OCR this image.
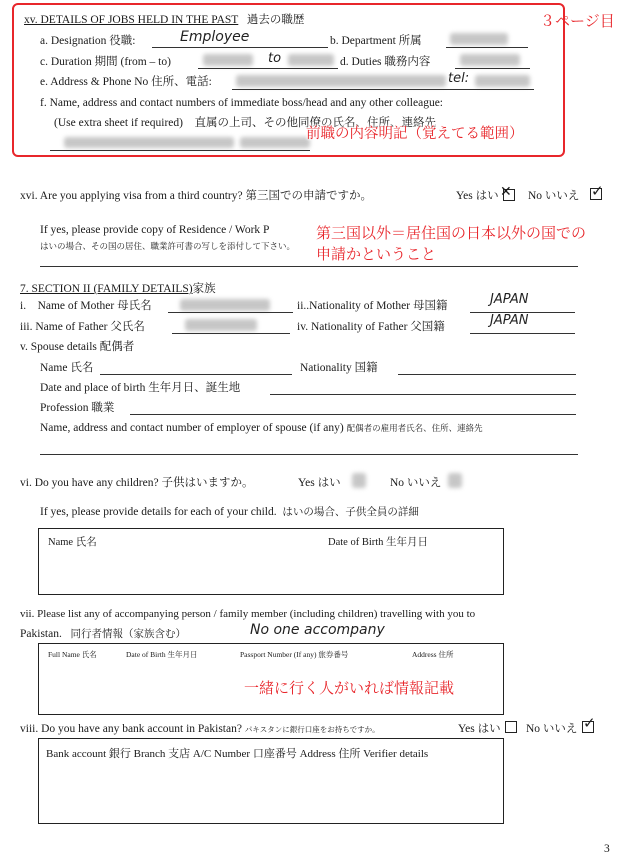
３ページ目
xv. DETAILS OF JOBS HELD IN THE PAST 過去の職歴
a. Designation 役職:	Employee	b. Department 所属
c. Duration 期間 (from – to)	to	d. Duties 職務内容
e. Address & Phone No 住所、電話:	tel:
f. Name, address and contact numbers of immediate boss/head and any other colleague:
(Use extra sheet if required)　直属の上司、その他同僚の氏名、住所、連絡先
前職の内容明記（覚えてる範囲）
xvi. Are you applying visa from a third country? 第三国での申請ですか。	Yes はい ✕ No いいえ ✓
If yes, please provide copy of Residence / Work P
はいの場合、その国の居住、職業許可書の写しを添付して下さい。
第三国以外＝居住国の日本以外の国での
申請かということ
7. SECTION II (FAMILY DETAILS)家族
i.　Name of Mother 母氏名	ii..Nationality of Mother 母国籍	JAPAN
iii. Name of Father 父氏名	iv. Nationality of Father 父国籍	JAPAN
v. Spouse details 配偶者
Name 氏名	Nationality 国籍
Date and place of birth 生年月日、誕生地
Profession 職業
Name, address and contact number of employer of spouse (if any) 配偶者の雇用者氏名、住所、連絡先
vi. Do you have any children? 子供はいますか。	Yes はい	No いいえ
If yes, please provide details for each of your child. はいの場合、子供全員の詳細
Name 氏名	Date of Birth 生年月日
vii. Please list any of accompanying person / family member (including children) travelling with you to
Pakistan. 同行者情報（家族含む）	No one accompany
Full Name 氏名	Date of Birth 生年月日	Passport Number (If any) 旅券番号	Address 住所
一緒に行く人がいれば情報記載
viii. Do you have any bank account in Pakistan? パキスタンに銀行口座をお持ちですか。	Yes はい No いいえ ✓
Bank account 銀行 Branch 支店 A/C Number 口座番号 Address 住所 Verifier details
3
